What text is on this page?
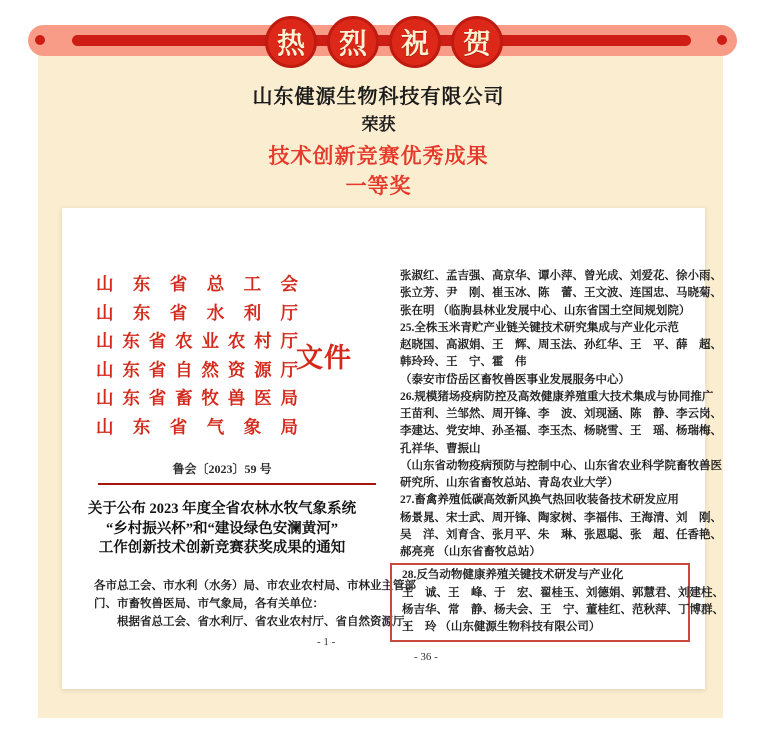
热 烈 祝 贺
山东健源生物科技有限公司
荣获
技术创新竞赛优秀成果
一等奖
山东省总工会
山东省水利厅
山东省农业农村厅
山东省自然资源厅
山东省畜牧兽医局
山东省气象局
文件
鲁会〔2023〕59 号
关于公布 2023 年度全省农林水牧气象系统
“乡村振兴杯”和“建设绿色安澜黄河”
工作创新技术创新竞赛获奖成果的通知
各市总工会、市水利（水务）局、市农业农村局、市林业主管部
门、市畜牧兽医局、市气象局，各有关单位：
　　根据省总工会、省水利厅、省农业农村厅、省自然资源厅、
- 1 -
张淑红、孟吉强、高京华、谭小萍、曾光成、刘爱花、徐小雨、
张立芳、尹　刚、崔玉冰、陈　蕾、王文波、连国忠、马晓菊、
张在明 （临朐县林业发展中心、山东省国土空间规划院）
25.全株玉米青贮产业链关键技术研究集成与产业化示范
赵晓国、高淑娟、王　辉、周玉法、孙红华、王　平、薛　超、
韩玲玲、王　宁、霍　伟
（泰安市岱岳区畜牧兽医事业发展服务中心）
26.规模猪场疫病防控及高效健康养殖重大技术集成与协同推广
王苗利、兰邹然、周开锋、李　波、刘现涵、陈　静、李云岗、
李建达、党安坤、孙圣福、李玉杰、杨晓雪、王　瑶、杨瑞梅、
孔祥华、曹振山
（山东省动物疫病预防与控制中心、山东省农业科学院畜牧兽医
研究所、山东省畜牧总站、青岛农业大学）
27.畜禽养殖低碳高效新风换气热回收装备技术研发应用
杨景晁、宋士武、周开锋、陶家树、李福伟、王海清、刘　刚、
吴　洋、刘育含、张月平、朱　琳、张恩聪、张　超、任香艳、
郝亮亮 （山东省畜牧总站）
28.反刍动物健康养殖关键技术研发与产业化
王　诚、王　峰、于　宏、翟桂玉、刘德娟、郭慧君、刘建柱、
杨吉华、常　静、杨夫会、王　宁、董桂红、范秋萍、丁博群、
王　玲 （山东健源生物科技有限公司）
- 36 -
